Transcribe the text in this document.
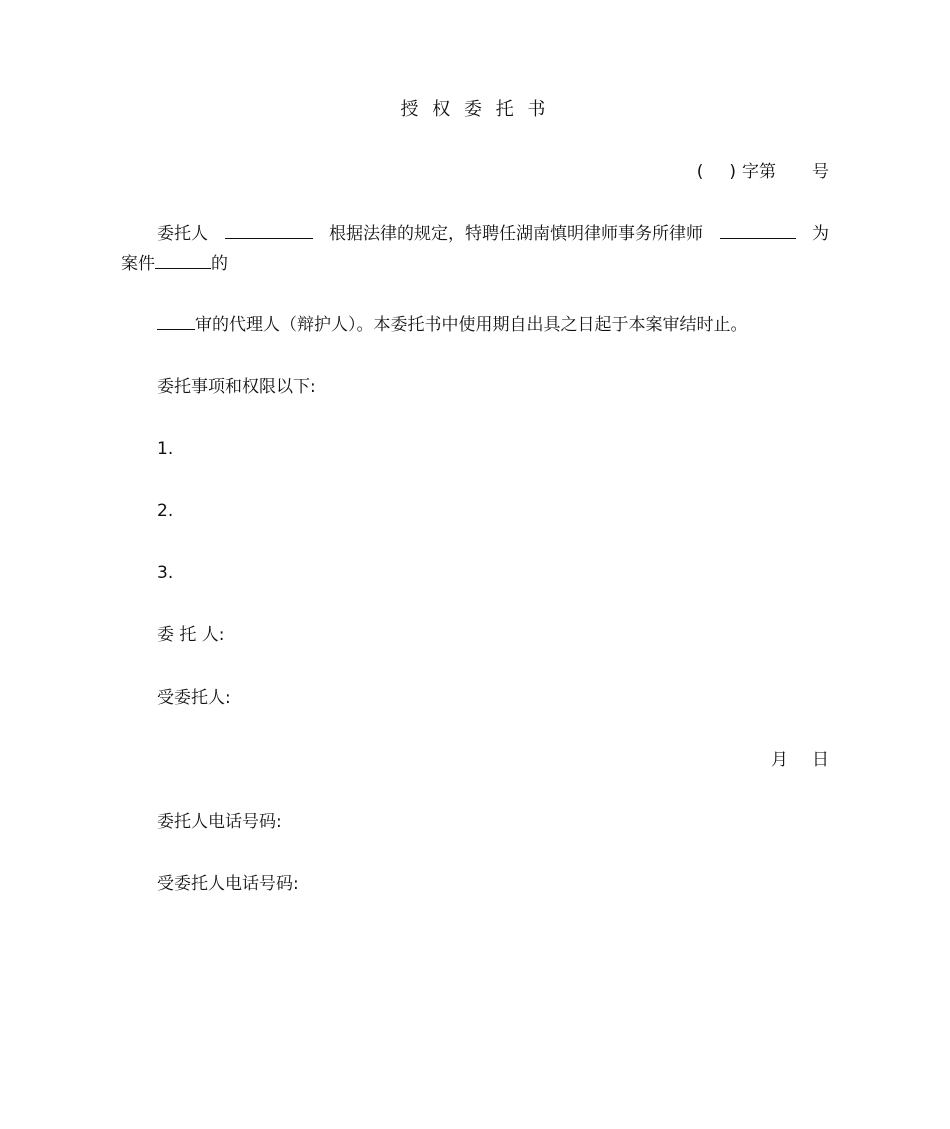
授 权 委 托 书
( ) 字第 号
委托人	根据法律的规定，特聘任湖南慎明律师事务所律师	为
案件	的
审的代理人（辩护人）。本委托书中使用期自出具之日起于本案审结时止。
委托事项和权限以下:
1.
2.
3.
委 托 人:
受委托人:
月 日
委托人电话号码:
受委托人电话号码:
